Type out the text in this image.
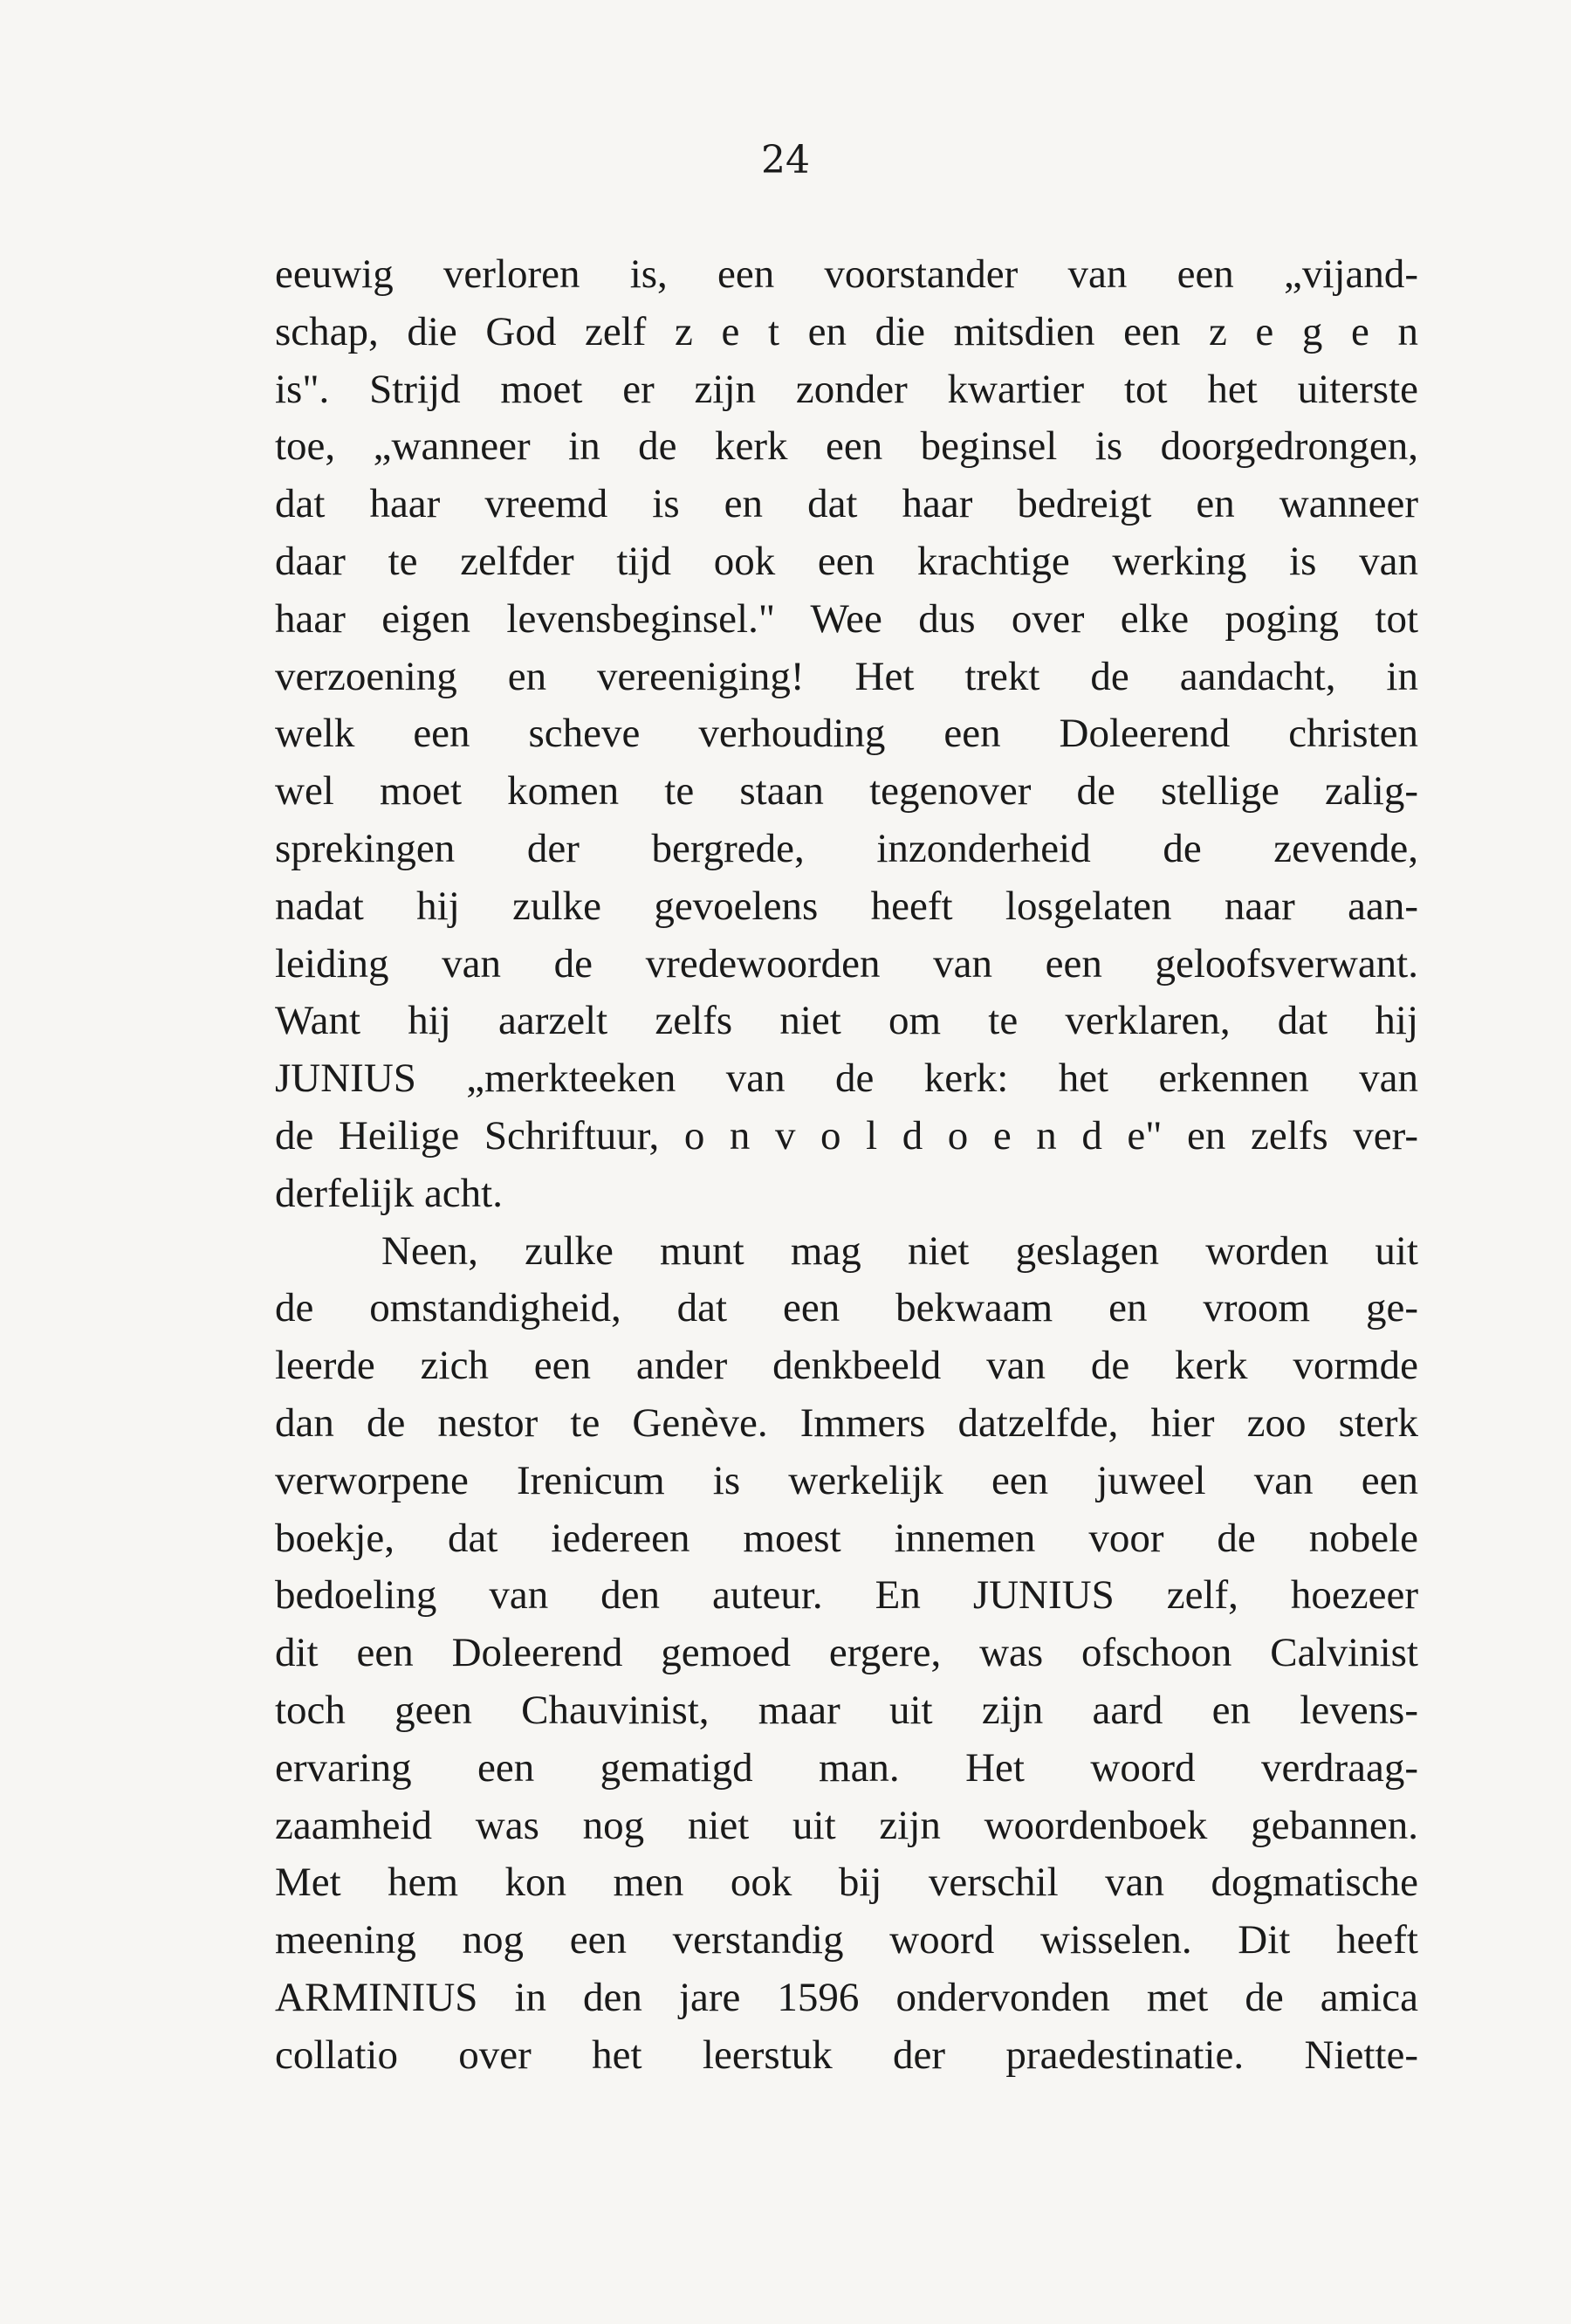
24
eeuwig verloren is, een voorstander van een „vijand-
schap, die God zelf z e t en die mitsdien een z e g e n
is". Strijd moet er zijn zonder kwartier tot het uiterste
toe, „wanneer in de kerk een beginsel is doorgedrongen,
dat haar vreemd is en dat haar bedreigt en wanneer
daar te zelfder tijd ook een krachtige werking is van
haar eigen levensbeginsel." Wee dus over elke poging tot
verzoening en vereeniging! Het trekt de aandacht, in
welk een scheve verhouding een Doleerend christen
wel moet komen te staan tegenover de stellige zalig-
sprekingen der bergrede, inzonderheid de zevende,
nadat hij zulke gevoelens heeft losgelaten naar aan-
leiding van de vredewoorden van een geloofsverwant.
Want hij aarzelt zelfs niet om te verklaren, dat hij
JUNIUS „merkteeken van de kerk: het erkennen van
de Heilige Schriftuur, o n v o l d o e n d e" en zelfs ver-
derfelijk acht.
Neen, zulke munt mag niet geslagen worden uit
de omstandigheid, dat een bekwaam en vroom ge-
leerde zich een ander denkbeeld van de kerk vormde
dan de nestor te Genève. Immers datzelfde, hier zoo sterk
verworpene Irenicum is werkelijk een juweel van een
boekje, dat iedereen moest innemen voor de nobele
bedoeling van den auteur. En JUNIUS zelf, hoezeer
dit een Doleerend gemoed ergere, was ofschoon Calvinist
toch geen Chauvinist, maar uit zijn aard en levens-
ervaring een gematigd man. Het woord verdraag-
zaamheid was nog niet uit zijn woordenboek gebannen.
Met hem kon men ook bij verschil van dogmatische
meening nog een verstandig woord wisselen. Dit heeft
ARMINIUS in den jare 1596 ondervonden met de amica
collatio over het leerstuk der praedestinatie. Niette-
